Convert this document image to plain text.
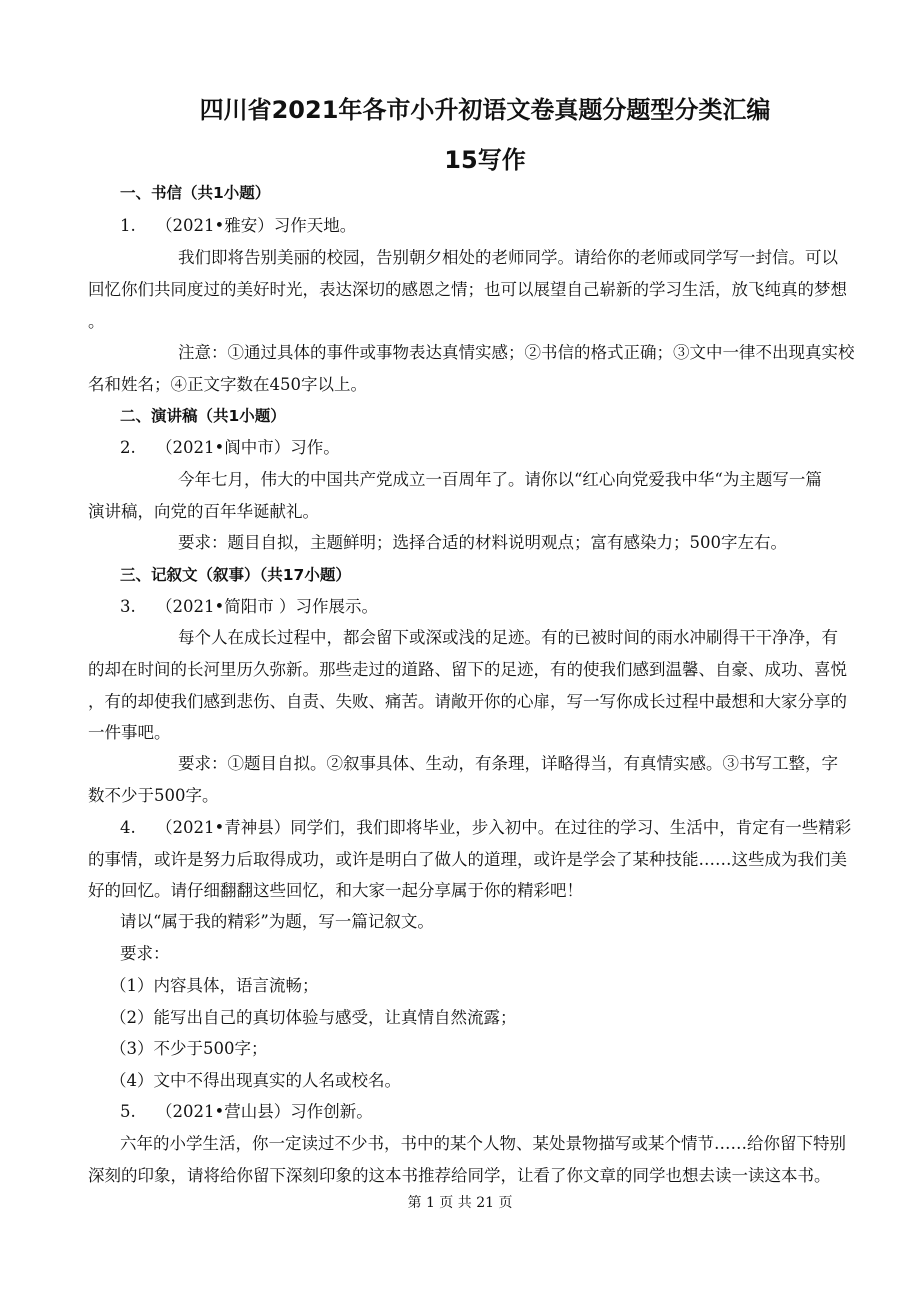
四川省2021年各市小升初语文卷真题分题型分类汇编
15写作
一、书信（共1小题）
1. （2021•雅安）习作天地。
我们即将告别美丽的校园，告别朝夕相处的老师同学。请给你的老师或同学写一封信。可以
回忆你们共同度过的美好时光，表达深切的感恩之情；也可以展望自己崭新的学习生活，放飞纯真的梦想
。
注意：①通过具体的事件或事物表达真情实感；②书信的格式正确；③文中一律不出现真实校
名和姓名；④正文字数在450字以上。
二、演讲稿（共1小题）
2. （2021•阆中市）习作。
今年七月，伟大的中国共产党成立一百周年了。请你以“红心向党爱我中华“为主题写一篇
演讲稿，向党的百年华诞献礼。
要求：题目自拟，主题鲜明；选择合适的材料说明观点；富有感染力；500字左右。
三、记叙文（叙事）（共17小题）
3. （2021•简阳市 ）习作展示。
每个人在成长过程中，都会留下或深或浅的足迹。有的已被时间的雨水冲刷得干干净净，有
的却在时间的长河里历久弥新。那些走过的道路、留下的足迹，有的使我们感到温馨、自豪、成功、喜悦
，有的却使我们感到悲伤、自责、失败、痛苦。请敞开你的心扉，写一写你成长过程中最想和大家分享的
一件事吧。
要求：①题目自拟。②叙事具体、生动，有条理，详略得当，有真情实感。③书写工整，字
数不少于500字。
4. （2021•青神县）同学们，我们即将毕业，步入初中。在过往的学习、生活中，肯定有一些精彩
的事情，或许是努力后取得成功，或许是明白了做人的道理，或许是学会了某种技能……这些成为我们美
好的回忆。请仔细翻翻这些回忆，和大家一起分享属于你的精彩吧！
请以“属于我的精彩”为题，写一篇记叙文。
要求：
（1）内容具体，语言流畅；
（2）能写出自己的真切体验与感受，让真情自然流露；
（3）不少于500字；
（4）文中不得出现真实的人名或校名。
5. （2021•营山县）习作创新。
六年的小学生活，你一定读过不少书，书中的某个人物、某处景物描写或某个情节……给你留下特别
深刻的印象，请将给你留下深刻印象的这本书推荐给同学，让看了你文章的同学也想去读一读这本书。
第 1 页 共 21 页
